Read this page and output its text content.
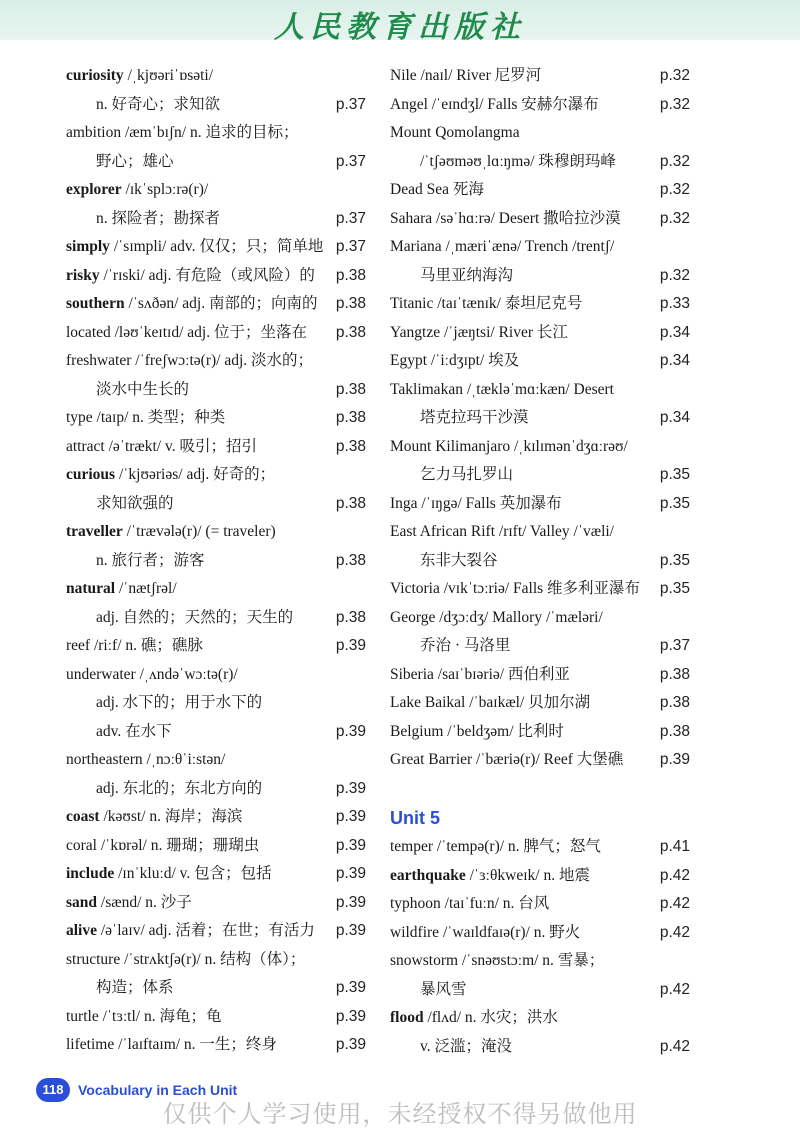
人民教育出版社
curiosity /ˌkjʊəriˈɒsəti/
n. 好奇心；求知欲	p.37
ambition /æmˈbɪʃn/ n. 追求的目标；
野心；雄心	p.37
explorer /ɪkˈsplɔːrə(r)/
n. 探险者；勘探者	p.37
simply /ˈsɪmpli/ adv. 仅仅；只；简单地 p.37
risky /ˈrɪski/ adj. 有危险（或风险）的 p.38
southern /ˈsʌðən/ adj. 南部的；向南的 p.38
located /ləʊˈkeɪtɪd/ adj. 位于；坐落在 p.38
freshwater /ˈfreʃwɔːtə(r)/ adj. 淡水的；
淡水中生长的	p.38
type /taɪp/ n. 类型；种类	p.38
attract /əˈtrækt/ v. 吸引；招引	p.38
curious /ˈkjʊəriəs/ adj. 好奇的；
求知欲强的	p.38
traveller /ˈtrævələ(r)/ (= traveler)
n. 旅行者；游客	p.38
natural /ˈnætʃrəl/
adj. 自然的；天然的；天生的	p.38
reef /riːf/ n. 礁；礁脉	p.39
underwater /ˌʌndəˈwɔːtə(r)/
adj. 水下的；用于水下的
adv. 在水下	p.39
northeastern /ˌnɔːθˈiːstən/
adj. 东北的；东北方向的	p.39
coast /kəʊst/ n. 海岸；海滨	p.39
coral /ˈkɒrəl/ n. 珊瑚；珊瑚虫	p.39
include /ɪnˈkluːd/ v. 包含；包括	p.39
sand /sænd/ n. 沙子	p.39
alive /əˈlaɪv/ adj. 活着；在世；有活力 p.39
structure /ˈstrʌktʃə(r)/ n. 结构（体）；
构造；体系	p.39
turtle /ˈtɜːtl/ n. 海龟；龟	p.39
lifetime /ˈlaɪftaɪm/ n. 一生；终身	p.39
Nile /naɪl/ River 尼罗河	p.32
Angel /ˈeɪndʒl/ Falls 安赫尔瀑布	p.32
Mount Qomolangma
/ˈtʃəʊməʊˌlɑːŋmə/ 珠穆朗玛峰	p.32
Dead Sea 死海	p.32
Sahara /səˈhɑːrə/ Desert 撒哈拉沙漠	p.32
Mariana /ˌmæriˈænə/ Trench /trentʃ/
马里亚纳海沟	p.32
Titanic /taɪˈtænɪk/ 泰坦尼克号	p.33
Yangtze /ˈjæŋtsi/ River 长江	p.34
Egypt /ˈiːdʒɪpt/ 埃及	p.34
Taklimakan /ˌtækləˈmɑːkæn/ Desert
塔克拉玛干沙漠	p.34
Mount Kilimanjaro /ˌkɪlɪmənˈdʒɑːrəʊ/
乞力马扎罗山	p.35
Inga /ˈɪŋgə/ Falls 英加瀑布	p.35
East African Rift /rɪft/ Valley /ˈvæli/
东非大裂谷	p.35
Victoria /vɪkˈtɔːriə/ Falls 维多利亚瀑布 p.35
George /dʒɔːdʒ/ Mallory /ˈmæləri/
乔治 · 马洛里	p.37
Siberia /saɪˈbɪəriə/ 西伯利亚	p.38
Lake Baikal /ˈbaɪkæl/ 贝加尔湖	p.38
Belgium /ˈbeldʒəm/ 比利时	p.38
Great Barrier /ˈbæriə(r)/ Reef 大堡礁 p.39
Unit 5
temper /ˈtempə(r)/ n. 脾气；怒气	p.41
earthquake /ˈɜːθkweɪk/ n. 地震	p.42
typhoon /taɪˈfuːn/ n. 台风	p.42
wildfire /ˈwaɪldfaɪə(r)/ n. 野火	p.42
snowstorm /ˈsnəʊstɔːm/ n. 雪暴；
暴风雪	p.42
flood /flʌd/ n. 水灾；洪水
v. 泛滥；淹没	p.42
118	Vocabulary in Each Unit
仅供个人学习使用，未经授权不得另做他用
